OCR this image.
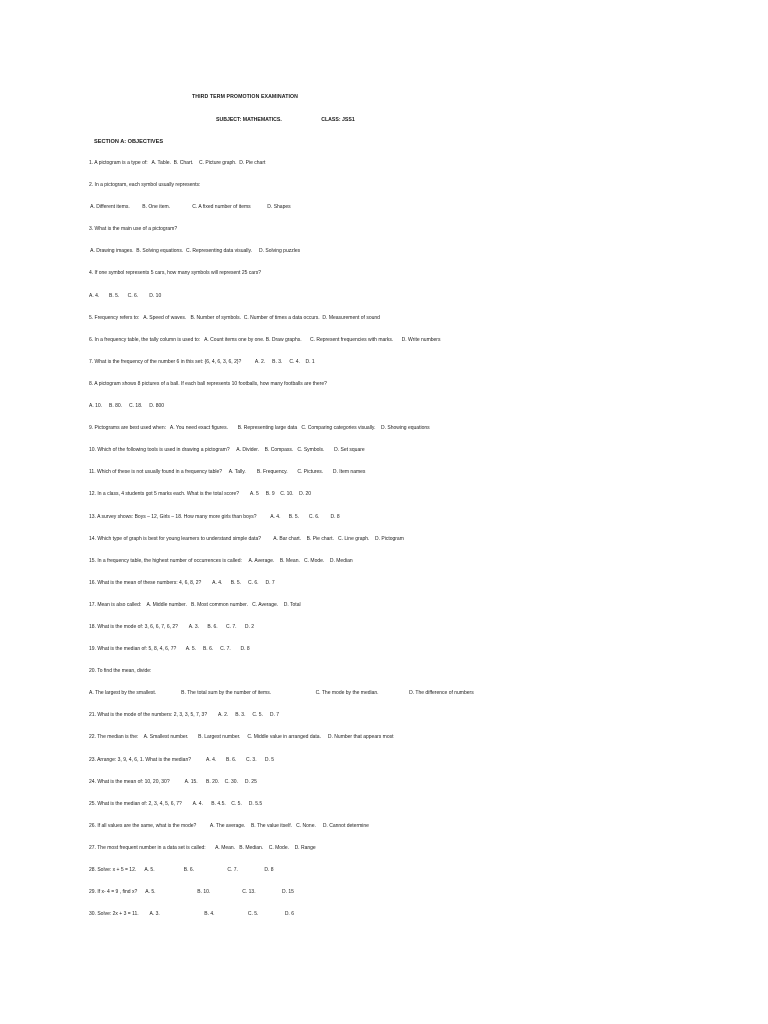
THIRD TERM PROMOTION EXAMINATION
SUBJECT: MATHEMATICS.	CLASS: JSS1
SECTION A: OBJECTIVES
1. A pictogram is a type of:   A. Table.  B. Chart.    C. Picture graph.  D. Pie chart
2. In a pictogram, each symbol usually represents:
A. Different items.         B. One item.                C. A fixed number of items            D. Shapes
3. What is the main use of a pictogram?
A. Drawing images.  B. Solving equations.  C. Representing data visually.     D. Solving puzzles
4. If one symbol represents 5 cars, how many symbols will represent 25 cars?
A. 4.       B. 5.      C. 6.        D. 10
5. Frequency refers to:   A. Speed of waves.   B. Number of symbols.  C. Number of times a data occurs.  D. Measurement of sound
6. In a frequency table, the tally column is used to:   A. Count items one by one. B. Draw graphs.      C. Represent frequencies with marks.      D. Write numbers
7. What is the frequency of the number 6 in this set: {6, 4, 6, 3, 6, 2}?          A. 2.     B. 3.     C. 4.    D. 1
8. A pictogram shows 8 pictures of a ball. If each ball represents 10 footballs, how many footballs are there?
A. 10.     B. 80.     C. 18.     D. 800
9. Pictograms are best used when:   A. You need exact figures.       B. Representing large data   C. Comparing categories visually.    D. Showing equations
10. Which of the following tools is used in drawing a pictogram?     A. Divider.    B. Compass.   C. Symbols.       D. Set square
11. Which of these is not usually found in a frequency table?     A. Tally.        B. Frequency.       C. Pictures.       D. Item names
12. In a class, 4 students got 5 marks each. What is the total score?        A. 5     B. 9    C. 10.    D. 20
13. A survey shows: Boys – 12, Girls – 18. How many more girls than boys?          A. 4.      B. 5.       C. 6.        D. 8
14. Which type of graph is best for young learners to understand simple data?         A. Bar chart.    B. Pie chart.   C. Line graph.    D. Pictogram
15. In a frequency table, the highest number of occurrences is called:     A. Average.    B. Mean.   C. Mode.    D. Median
16. What is the mean of these numbers: 4, 6, 8, 2?        A. 4.      B. 5.     C. 6.     D. 7
17. Mean is also called:    A. Middle number.   B. Most common number.   C. Average.    D. Total
18. What is the mode of: 3, 6, 6, 7, 6, 2?        A. 3.      B. 6.      C. 7.      D. 2
19. What is the median of: 5, 8, 4, 6, 7?       A. 5.     B. 6.     C. 7.       D. 8
20. To find the mean, divide:
A. The largest by the smallest.                  B. The total sum by the number of items.                                C. The mode by the median.                      D. The difference of numbers
21. What is the mode of the numbers: 2, 3, 3, 5, 7, 3?        A. 2.     B. 3.     C. 5.     D. 7
22. The median is the:    A. Smallest number.       B. Largest number.     C. Middle value in arranged data.     D. Number that appears most
23. Arrange: 3, 9, 4, 6, 1. What is the median?           A. 4.       B. 6.       C. 3.      D. 5
24. What is the mean of: 10, 20, 30?           A. 15.      B. 20.    C. 30.     D. 25
25. What is the median of: 2, 3, 4, 5, 6, 7?        A. 4.      B. 4.5.    C. 5.     D. 5.5
26. If all values are the same, what is the mode?          A. The average.    B. The value itself.   C. None.     D. Cannot determine
27. The most frequent number in a data set is called:       A. Mean.   B. Median.    C. Mode.    D. Range
28. Solve: x + 5 = 12.      A. 5.                     B. 6.                        C. 7.                   D. 8
29. If x- 4 = 9 , find x?      A. 5.                              B. 10.                       C. 13.                   D. 15
30. Solve: 2x + 3 = 11.        A. 3.                                B. 4.                        C. 5.                   D. 6
